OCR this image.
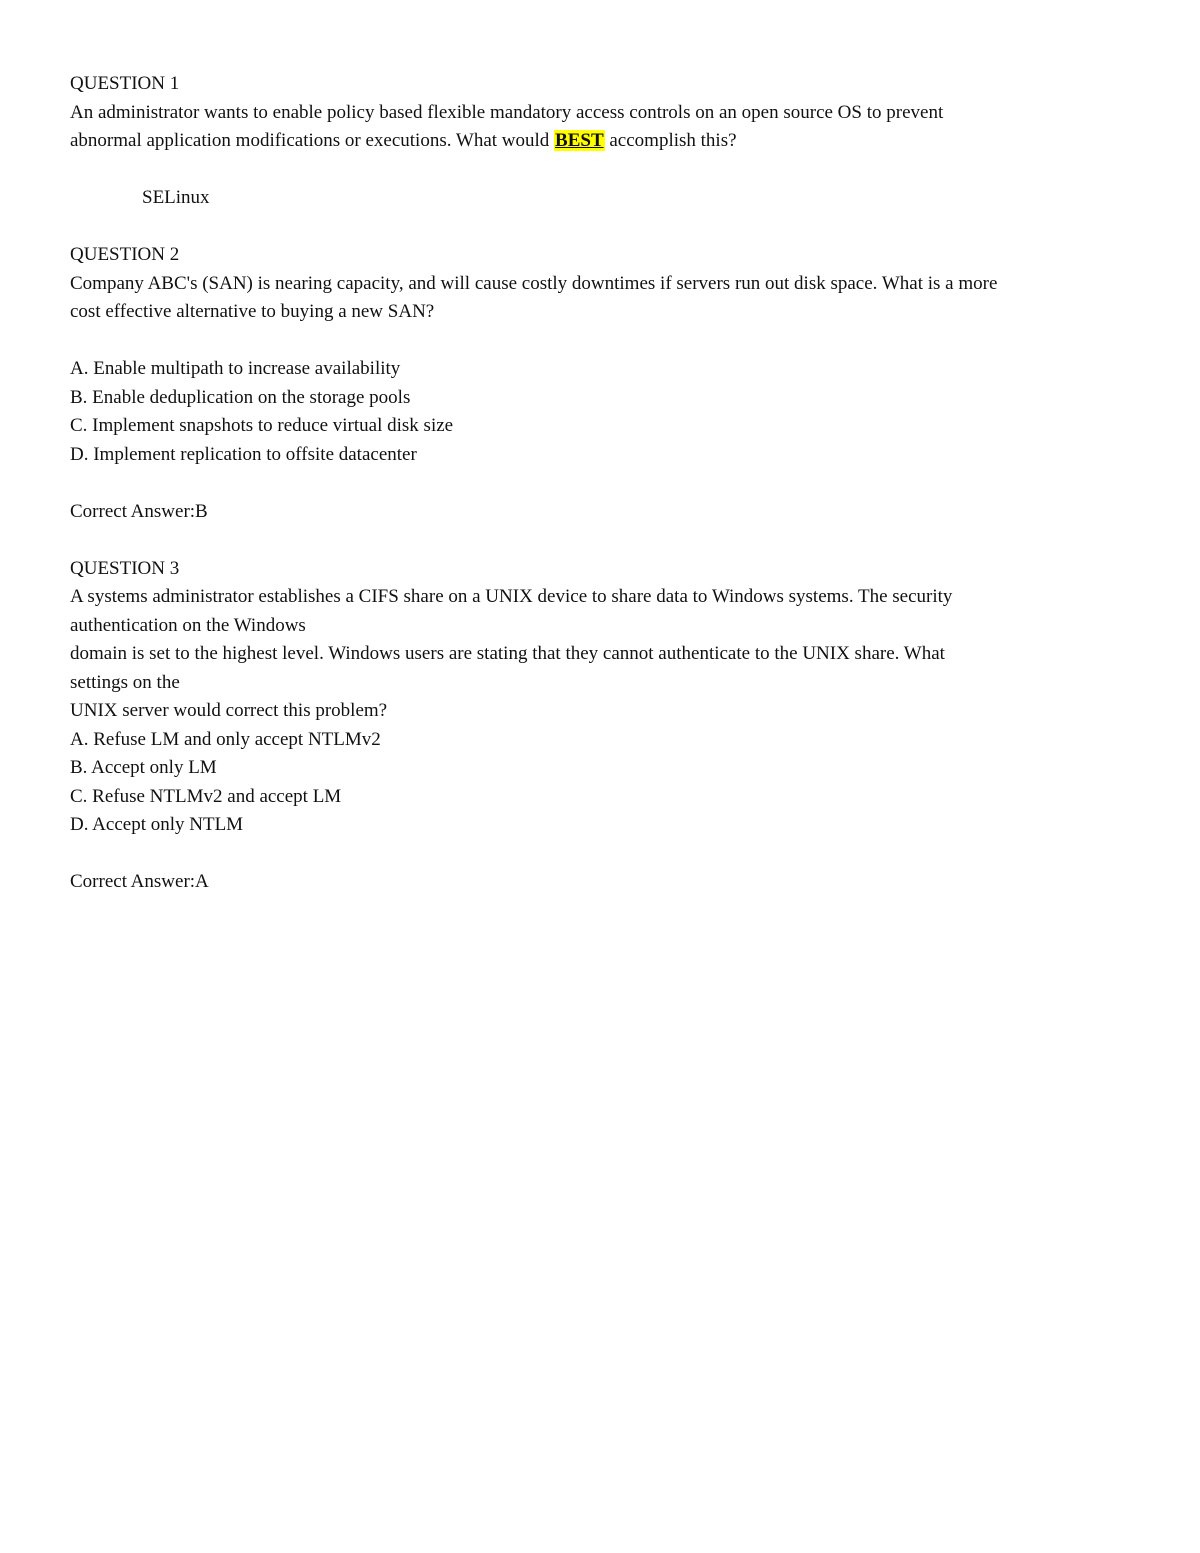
QUESTION 1
An administrator wants to enable policy based flexible mandatory access controls on an open source OS to prevent
abnormal application modifications or executions. What would BEST accomplish this?
SELinux
QUESTION 2
Company ABC's (SAN) is nearing capacity, and will cause costly downtimes if servers run out disk space. What is a more
cost effective alternative to buying a new SAN?
A. Enable multipath to increase availability
B. Enable deduplication on the storage pools
C. Implement snapshots to reduce virtual disk size
D. Implement replication to offsite datacenter
Correct Answer:B
QUESTION 3
A systems administrator establishes a CIFS share on a UNIX device to share data to Windows systems. The security
authentication on the Windows
domain is set to the highest level. Windows users are stating that they cannot authenticate to the UNIX share. What
settings on the
UNIX server would correct this problem?
A. Refuse LM and only accept NTLMv2
B. Accept only LM
C. Refuse NTLMv2 and accept LM
D. Accept only NTLM
Correct Answer:A
